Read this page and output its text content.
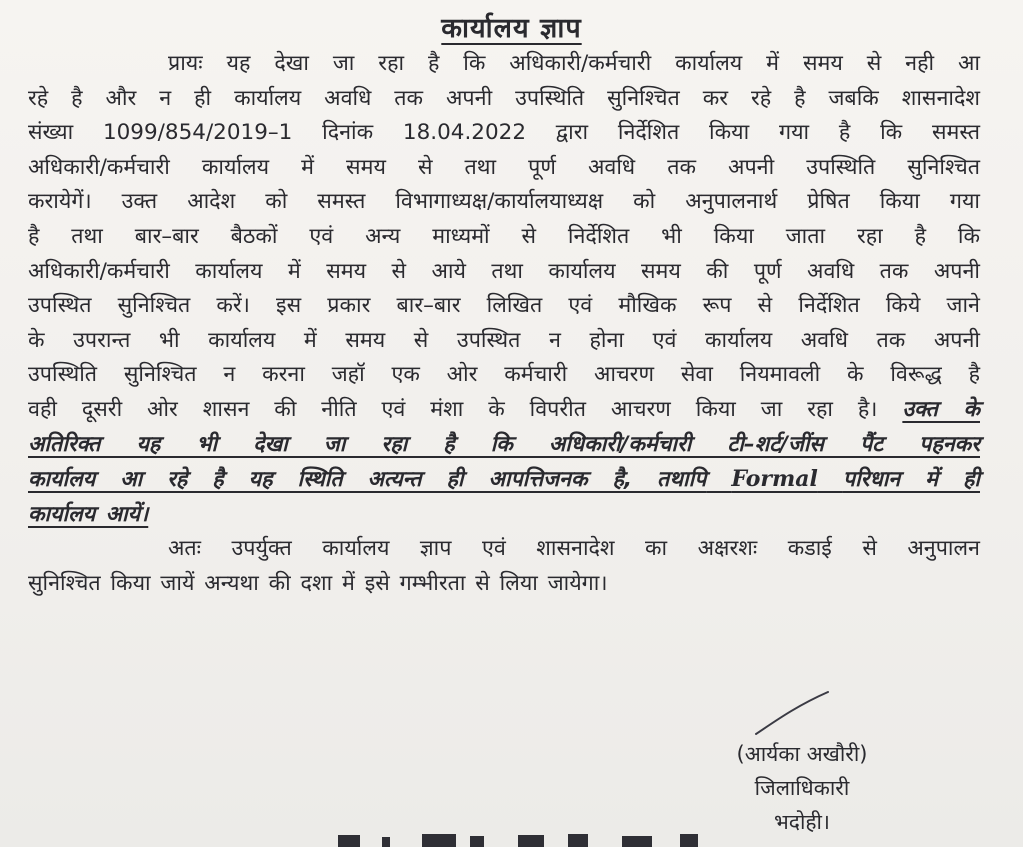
कार्यालय ज्ञाप
प्रायः यह देखा जा रहा है कि अधिकारी/कर्मचारी कार्यालय में समय से नही आ
रहे है और न ही कार्यालय अवधि तक अपनी उपस्थिति सुनिश्चित कर रहे है जबकि शासनादेश
संख्या 1099/854/2019–1 दिनांक 18.04.2022 द्वारा निर्देशित किया गया है कि समस्त
अधिकारी/कर्मचारी कार्यालय में समय से तथा पूर्ण अवधि तक अपनी उपस्थिति सुनिश्चित
करायेगें। उक्त आदेश को समस्त विभागाध्यक्ष/कार्यालयाध्यक्ष को अनुपालनार्थ प्रेषित किया गया
है तथा बार–बार बैठकों एवं अन्य माध्यमों से निर्देशित भी किया जाता रहा है कि
अधिकारी/कर्मचारी कार्यालय में समय से आये तथा कार्यालय समय की पूर्ण अवधि तक अपनी
उपस्थित सुनिश्चित करें। इस प्रकार बार–बार लिखित एवं मौखिक रूप से निर्देशित किये जाने
के उपरान्त भी कार्यालय में समय से उपस्थित न होना एवं कार्यालय अवधि तक अपनी
उपस्थिति सुनिश्चित न करना जहॉ एक ओर कर्मचारी आचरण सेवा नियमावली के विरूद्ध है
वही दूसरी ओर शासन की नीति एवं मंशा के विपरीत आचरण किया जा रहा है। उक्त के
अतिरिक्त यह भी देखा जा रहा है कि अधिकारी/कर्मचारी टी–शर्ट/जींस पैंट पहनकर
कार्यालय आ रहे है यह स्थिति अत्यन्त ही आपत्तिजनक है, तथापि Formal परिधान में ही
कार्यालय आयें।
अतः उपर्युक्त कार्यालय ज्ञाप एवं शासनादेश का अक्षरशः कडाई से अनुपालन
सुनिश्चित किया जायें अन्यथा की दशा में इसे गम्भीरता से लिया जायेगा।
(आर्यका अखौरी)
जिलाधिकारी
भदोही।
